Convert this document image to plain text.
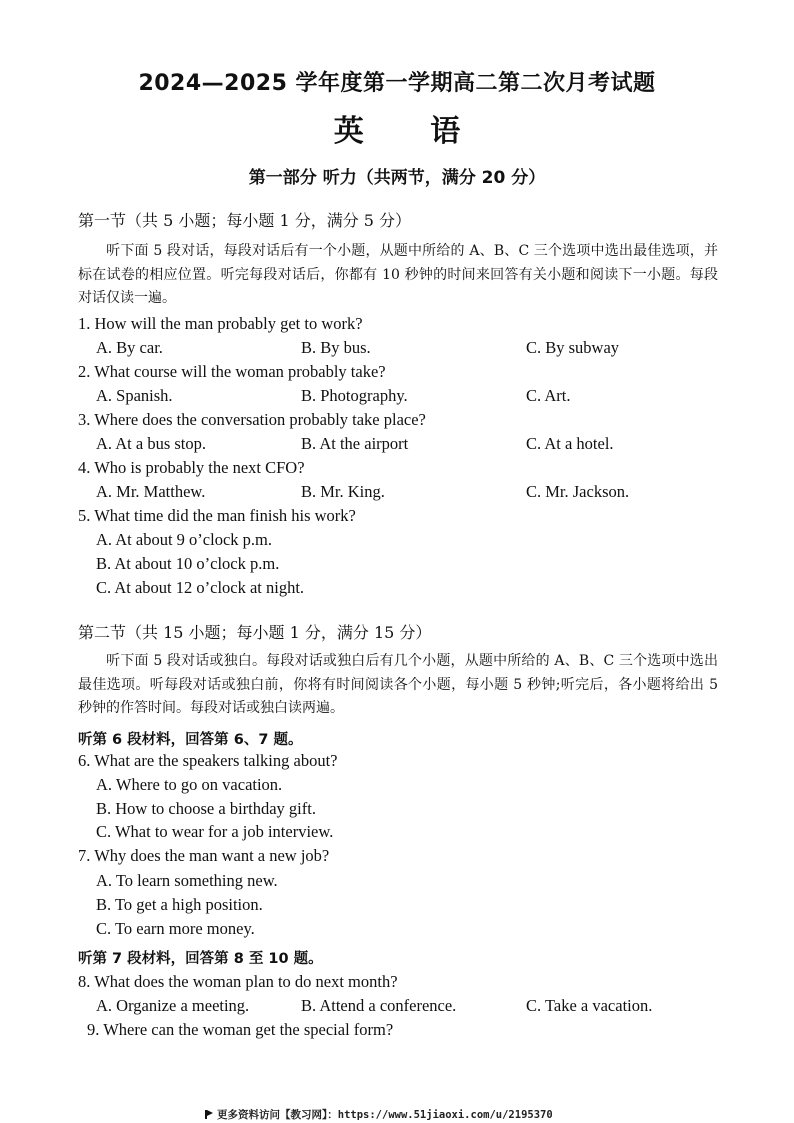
2024—2025 学年度第一学期高二第二次月考试题
英 语
第一部分 听力（共两节，满分 20 分）
第一节（共 5 小题；每小题 1 分，满分 5 分）
听下面 5 段对话，每段对话后有一个小题，从题中所给的 A、B、C 三个选项中选出最佳选项，并标在试卷的相应位置。听完每段对话后，你都有 10 秒钟的时间来回答有关小题和阅读下一小题。每段对话仅读一遍。
1. How will the man probably get to work?
A. By car.	B. By bus.	C. By subway
2. What course will the woman probably take?
A. Spanish.	B. Photography.	C. Art.
3. Where does the conversation probably take place?
A. At a bus stop.	B. At the airport	C. At a hotel.
4. Who is probably the next CFO?
A. Mr. Matthew.	B. Mr. King.	C. Mr. Jackson.
5. What time did the man finish his work?
A. At about 9 o’clock p.m.
B. At about 10 o’clock p.m.
C. At about 12 o’clock at night.
第二节（共 15 小题；每小题 1 分，满分 15 分）
听下面 5 段对话或独白。每段对话或独白后有几个小题，从题中所给的 A、B、C 三个选项中选出最佳选项。听每段对话或独白前，你将有时间阅读各个小题，每小题 5 秒钟;听完后，各小题将给出 5 秒钟的作答时间。每段对话或独白读两遍。
听第 6 段材料，回答第 6、7 题。
6. What are the speakers talking about?
A. Where to go on vacation.
B. How to choose a birthday gift.
C. What to wear for a job interview.
7. Why does the man want a new job?
A. To learn something new.
B. To get a high position.
C. To earn more money.
听第 7 段材料，回答第 8 至 10 题。
8. What does the woman plan to do next month?
A. Organize a meeting.	B. Attend a conference.	C. Take a vacation.
9. Where can the woman get the special form?
更多资料访问【教习网】：https://www.51jiaoxi.com/u/2195370
